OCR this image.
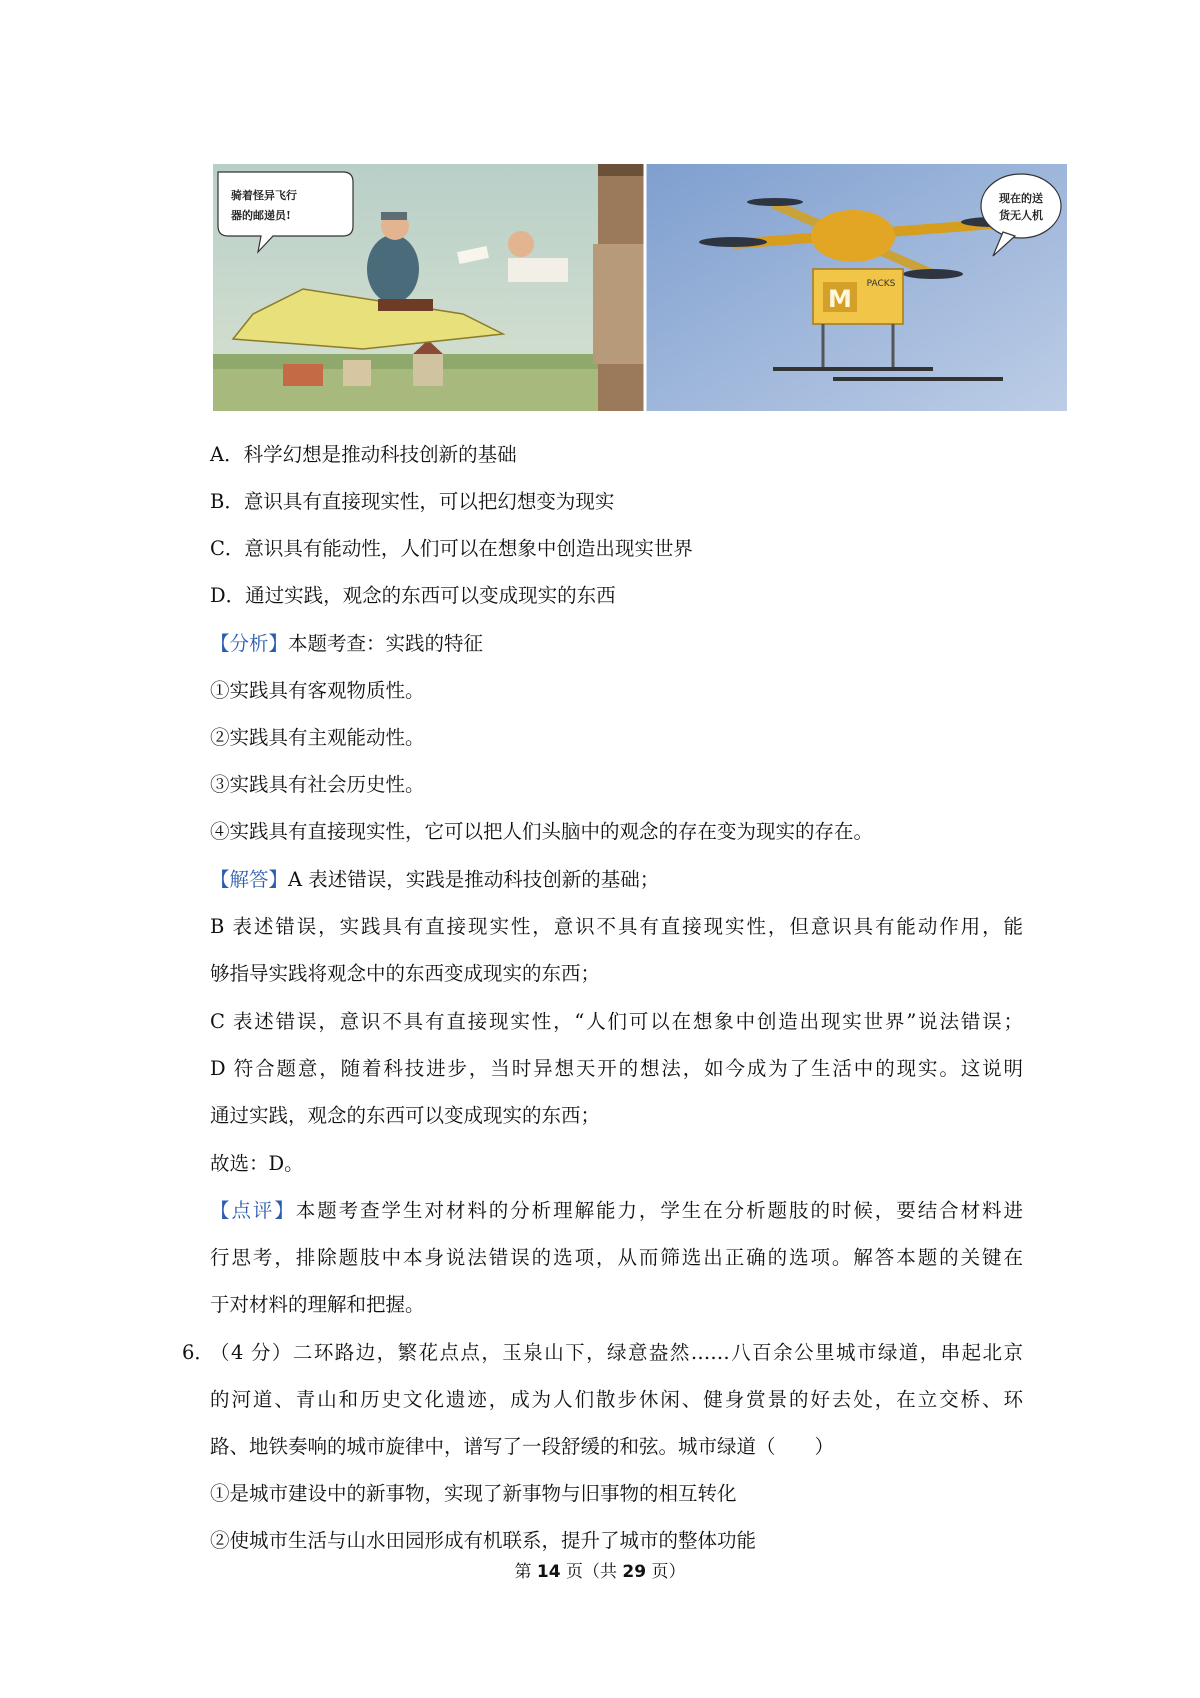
骑着怪异飞行
器的邮递员!
M
PACKS
现在的送
货无人机
A．科学幻想是推动科技创新的基础
B．意识具有直接现实性，可以把幻想变为现实
C．意识具有能动性，人们可以在想象中创造出现实世界
D．通过实践，观念的东西可以变成现实的东西
【分析】本题考查：实践的特征
①实践具有客观物质性。
②实践具有主观能动性。
③实践具有社会历史性。
④实践具有直接现实性，它可以把人们头脑中的观念的存在变为现实的存在。
【解答】A 表述错误，实践是推动科技创新的基础；
B 表述错误，实践具有直接现实性，意识不具有直接现实性，但意识具有能动作用，能
够指导实践将观念中的东西变成现实的东西；
C 表述错误，意识不具有直接现实性，“人们可以在想象中创造出现实世界”说法错误；
D 符合题意，随着科技进步，当时异想天开的想法，如今成为了生活中的现实。这说明
通过实践，观念的东西可以变成现实的东西；
故选：D。
【点评】本题考查学生对材料的分析理解能力，学生在分析题肢的时候，要结合材料进
行思考，排除题肢中本身说法错误的选项，从而筛选出正确的选项。解答本题的关键在
于对材料的理解和把握。
6．
（4 分）二环路边，繁花点点，玉泉山下，绿意盎然……八百余公里城市绿道，串起北京
的河道、青山和历史文化遗迹，成为人们散步休闲、健身赏景的好去处，在立交桥、环
路、地铁奏响的城市旋律中，谱写了一段舒缓的和弦。城市绿道（　　）
①是城市建设中的新事物，实现了新事物与旧事物的相互转化
②使城市生活与山水田园形成有机联系，提升了城市的整体功能
第 14 页（共 29 页）
